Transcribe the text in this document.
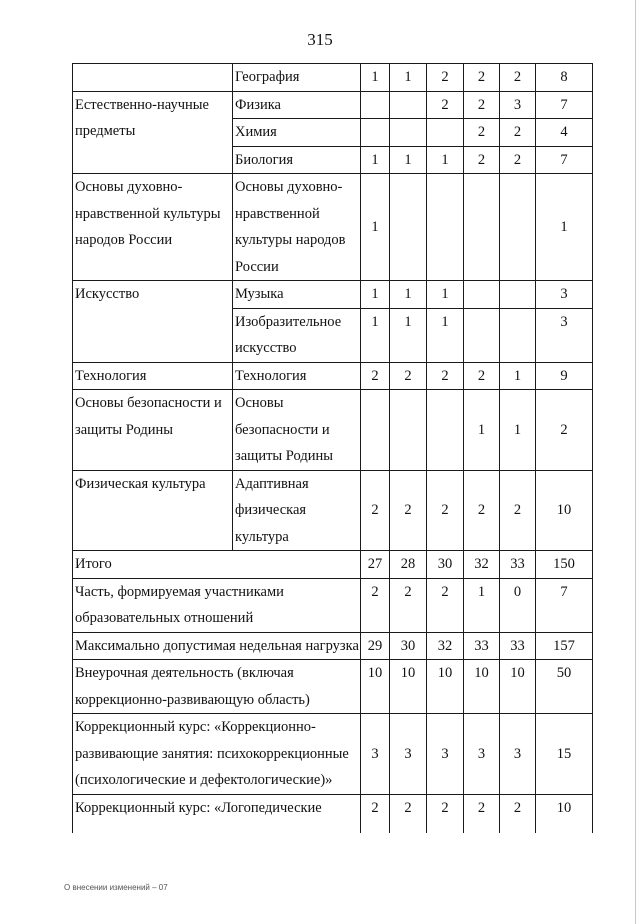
315
	География	1	1	2	2	2	8
Естественно-научные предметы	Физика			2	2	3	7
	Химия				2	2	4
	Биология	1	1	1	2	2	7
Основы духовно-нравственной культуры народов России	Основы духовно-нравственной культуры народов России	1					1
Искусство	Музыка	1	1	1			3
	Изобразительное искусство	1	1	1			3
Технология	Технология	2	2	2	2	1	9
Основы безопасности и защиты Родины	Основы безопасности и защиты Родины				1	1	2
Физическая культура	Адаптивная физическая культура	2	2	2	2	2	10
Итого		27	28	30	32	33	150
Часть, формируемая участниками образовательных отношений		2	2	2	1	0	7
Максимально допустимая недельная нагрузка		29	30	32	33	33	157
Внеурочная деятельность (включая коррекционно-развивающую область)		10	10	10	10	10	50
Коррекционный курс: «Коррекционно-развивающие занятия: психокоррекционные (психологические и дефектологические)»		3	3	3	3	3	15
Коррекционный курс: «Логопедические		2	2	2	2	2	10
О внесении изменений – 07
